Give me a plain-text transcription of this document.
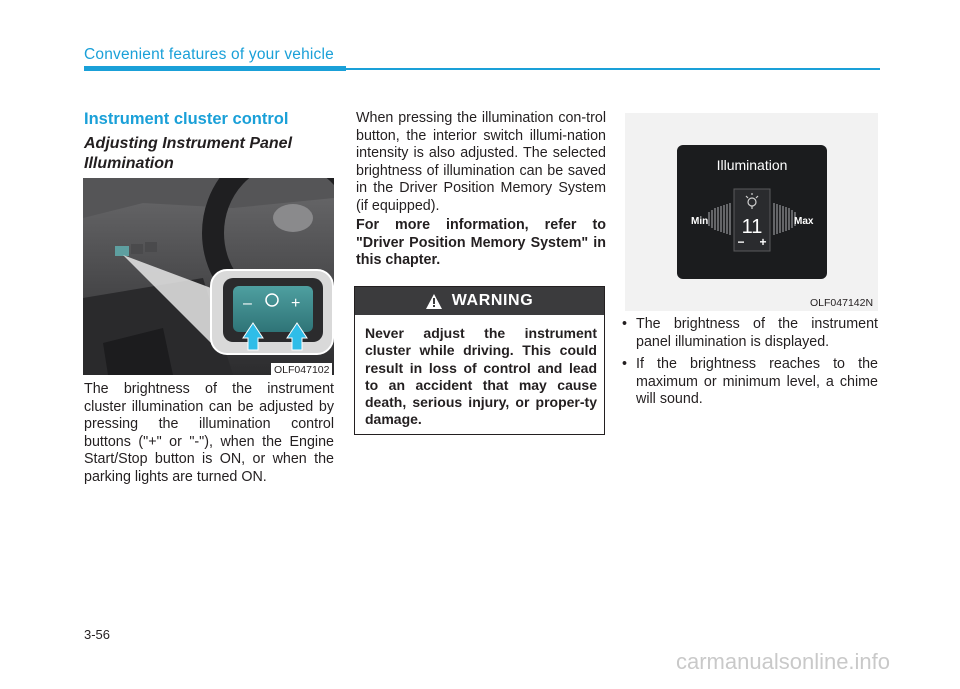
Convenient features of your vehicle
Instrument cluster control
Adjusting Instrument Panel Illumination
– +
OLF047102
The brightness of the instrument cluster illumination can be adjusted by pressing the illumination control buttons ("+" or "-"), when the Engine Start/Stop button is ON, or when the parking lights are turned ON.
When pressing the illumination con-trol button, the interior switch illumi-nation intensity is also adjusted. The selected brightness of illumination can be saved in the Driver Position Memory System (if equipped).
For more information, refer to "Driver Position Memory System" in this chapter.
WARNING
Never adjust the instrument cluster while driving. This could result in loss of control and lead to an accident that may cause death, serious injury, or proper-ty damage.
Illumination
11
− +
Min	Max
OLF047142N
• The brightness of the instrument panel illumination is displayed.
• If the brightness reaches to the maximum or minimum level, a chime will sound.
3-56
carmanualsonline.info
